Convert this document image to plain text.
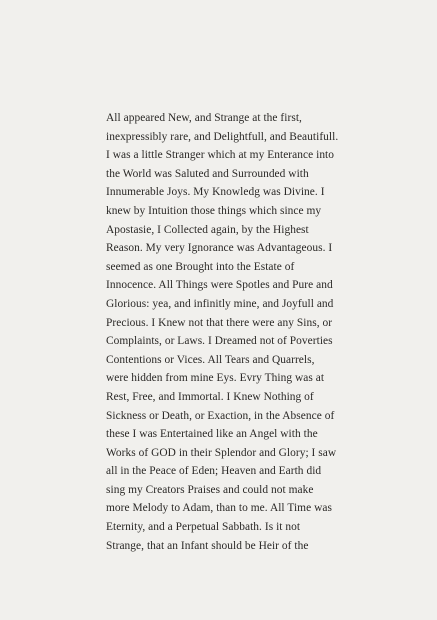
All appeared New, and Strange at the first,
inexpressibly rare, and Delightfull, and Beautifull.
I was a little Stranger which at my Enterance into
the World was Saluted and Surrounded with
Innumerable Joys. My Knowledg was Divine. I
knew by Intuition those things which since my
Apostasie, I Collected again, by the Highest
Reason. My very Ignorance was Advantageous. I
seemed as one Brought into the Estate of
Innocence. All Things were Spotles and Pure and
Glorious: yea, and infinitly mine, and Joyfull and
Precious. I Knew not that there were any Sins, or
Complaints, or Laws. I Dreamed not of Poverties
Contentions or Vices. All Tears and Quarrels,
were hidden from mine Eys. Evry Thing was at
Rest, Free, and Immortal. I Knew Nothing of
Sickness or Death, or Exaction, in the Absence of
these I was Entertained like an Angel with the
Works of GOD in their Splendor and Glory; I saw
all in the Peace of Eden; Heaven and Earth did
sing my Creators Praises and could not make
more Melody to Adam, than to me. All Time was
Eternity, and a Perpetual Sabbath. Is it not
Strange, that an Infant should be Heir of the
